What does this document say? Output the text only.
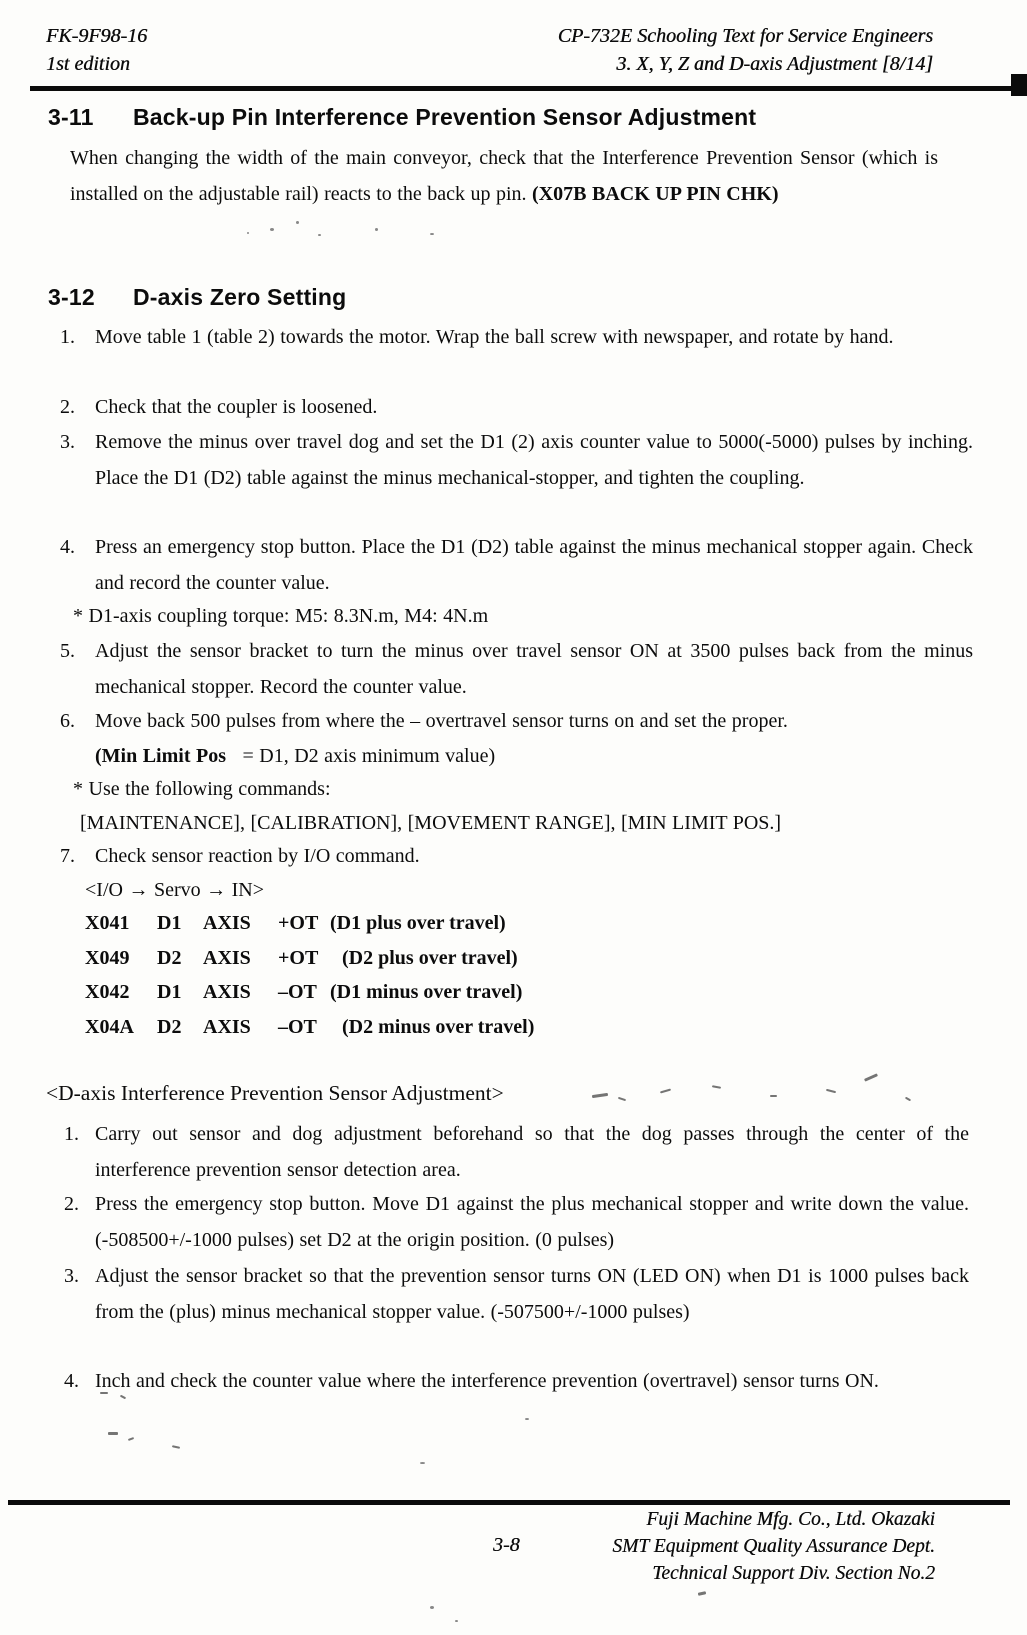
FK-9F98-16
1st edition
CP-732E Schooling Text for Service Engineers
3. X, Y, Z and D-axis Adjustment [8/14]
3-11 Back-up Pin Interference Prevention Sensor Adjustment
When changing the width of the main conveyor, check that the Interference Prevention Sensor (which is installed on the adjustable rail) reacts to the back up pin. (X07B BACK UP PIN CHK)
3-12 D-axis Zero Setting
1. Move table 1 (table 2) towards the motor. Wrap the ball screw with newspaper, and rotate by hand.
2. Check that the coupler is loosened.
3. Remove the minus over travel dog and set the D1 (2) axis counter value to 5000(-5000) pulses by inching. Place the D1 (D2) table against the minus mechanical-stopper, and tighten the coupling.
4. Press an emergency stop button. Place the D1 (D2) table against the minus mechanical stopper again. Check and record the counter value.
* D1-axis coupling torque: M5: 8.3N.m, M4: 4N.m
5. Adjust the sensor bracket to turn the minus over travel sensor ON at 3500 pulses back from the minus mechanical stopper. Record the counter value.
6. Move back 500 pulses from where the – overtravel sensor turns on and set the proper.
(Min Limit Pos   = D1, D2 axis minimum value)
* Use the following commands:
[MAINTENANCE], [CALIBRATION], [MOVEMENT RANGE], [MIN LIMIT POS.]
7. Check sensor reaction by I/O command.
<I/O → Servo → IN>
X041	D1	AXIS	+OT (D1 plus over travel)
X049	D2	AXIS	+OT	(D2 plus over travel)
X042	D1	AXIS	–OT (D1 minus over travel)
X04A	D2	AXIS	–OT	(D2 minus over travel)
<D-axis Interference Prevention Sensor Adjustment>
1. Carry out sensor and dog adjustment beforehand so that the dog passes through the center of the interference prevention sensor detection area.
2. Press the emergency stop button. Move D1 against the plus mechanical stopper and write down the value. (-508500+/-1000 pulses) set D2 at the origin position. (0 pulses)
3. Adjust the sensor bracket so that the prevention sensor turns ON (LED ON) when D1 is 1000 pulses back from the (plus) minus mechanical stopper value. (-507500+/-1000 pulses)
4. Inch and check the counter value where the interference prevention (overtravel) sensor turns ON.
3-8
Fuji Machine Mfg. Co., Ltd. Okazaki
SMT Equipment Quality Assurance Dept.
Technical Support Div. Section No.2
